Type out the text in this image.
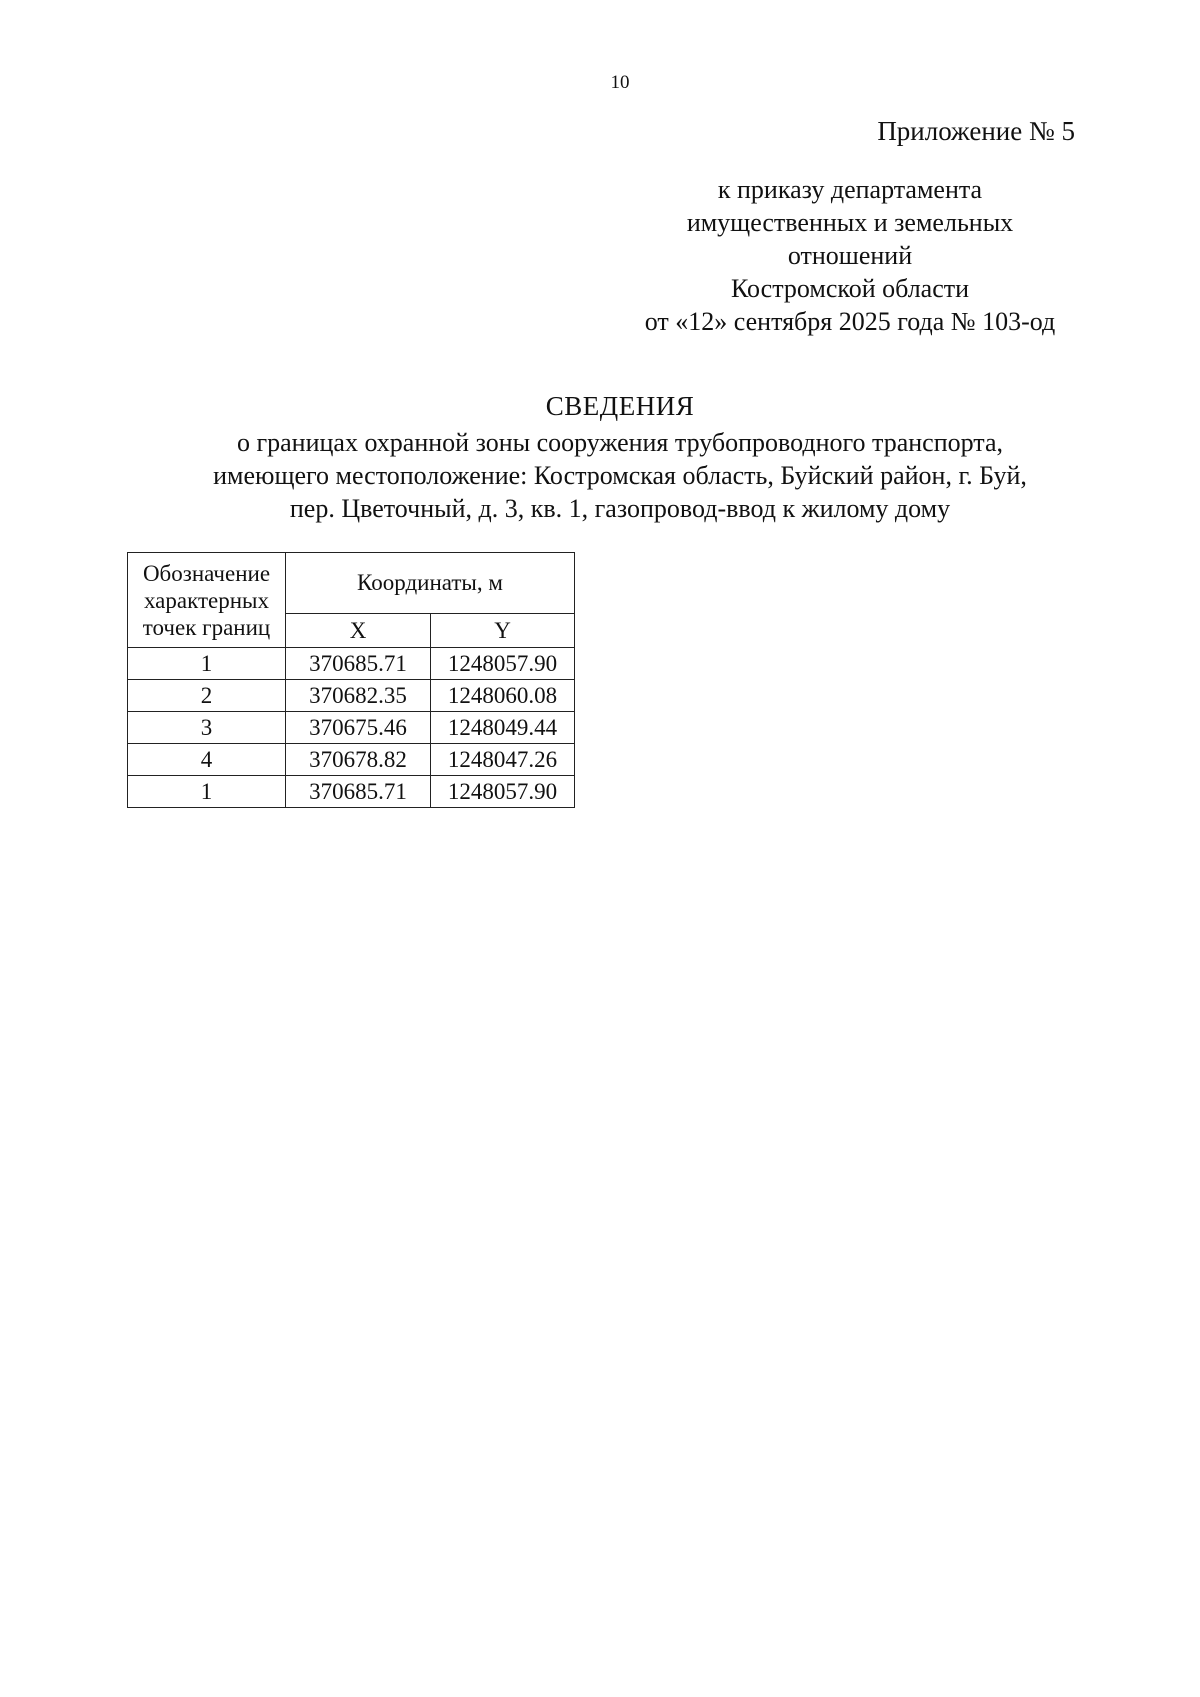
10
Приложение № 5
к приказу департамента
имущественных и земельных
отношений
Костромской области
от «12» сентября 2025 года № 103-од
СВЕДЕНИЯ
о границах охранной зоны сооружения трубопроводного транспорта,
имеющего местоположение: Костромская область, Буйский район, г. Буй,
пер. Цветочный, д. 3, кв. 1, газопровод-ввод к жилому дому
Обозначение
характерных
точек границ	Координаты, м	
	X	Y
1	370685.71	1248057.90
2	370682.35	1248060.08
3	370675.46	1248049.44
4	370678.82	1248047.26
1	370685.71	1248057.90
